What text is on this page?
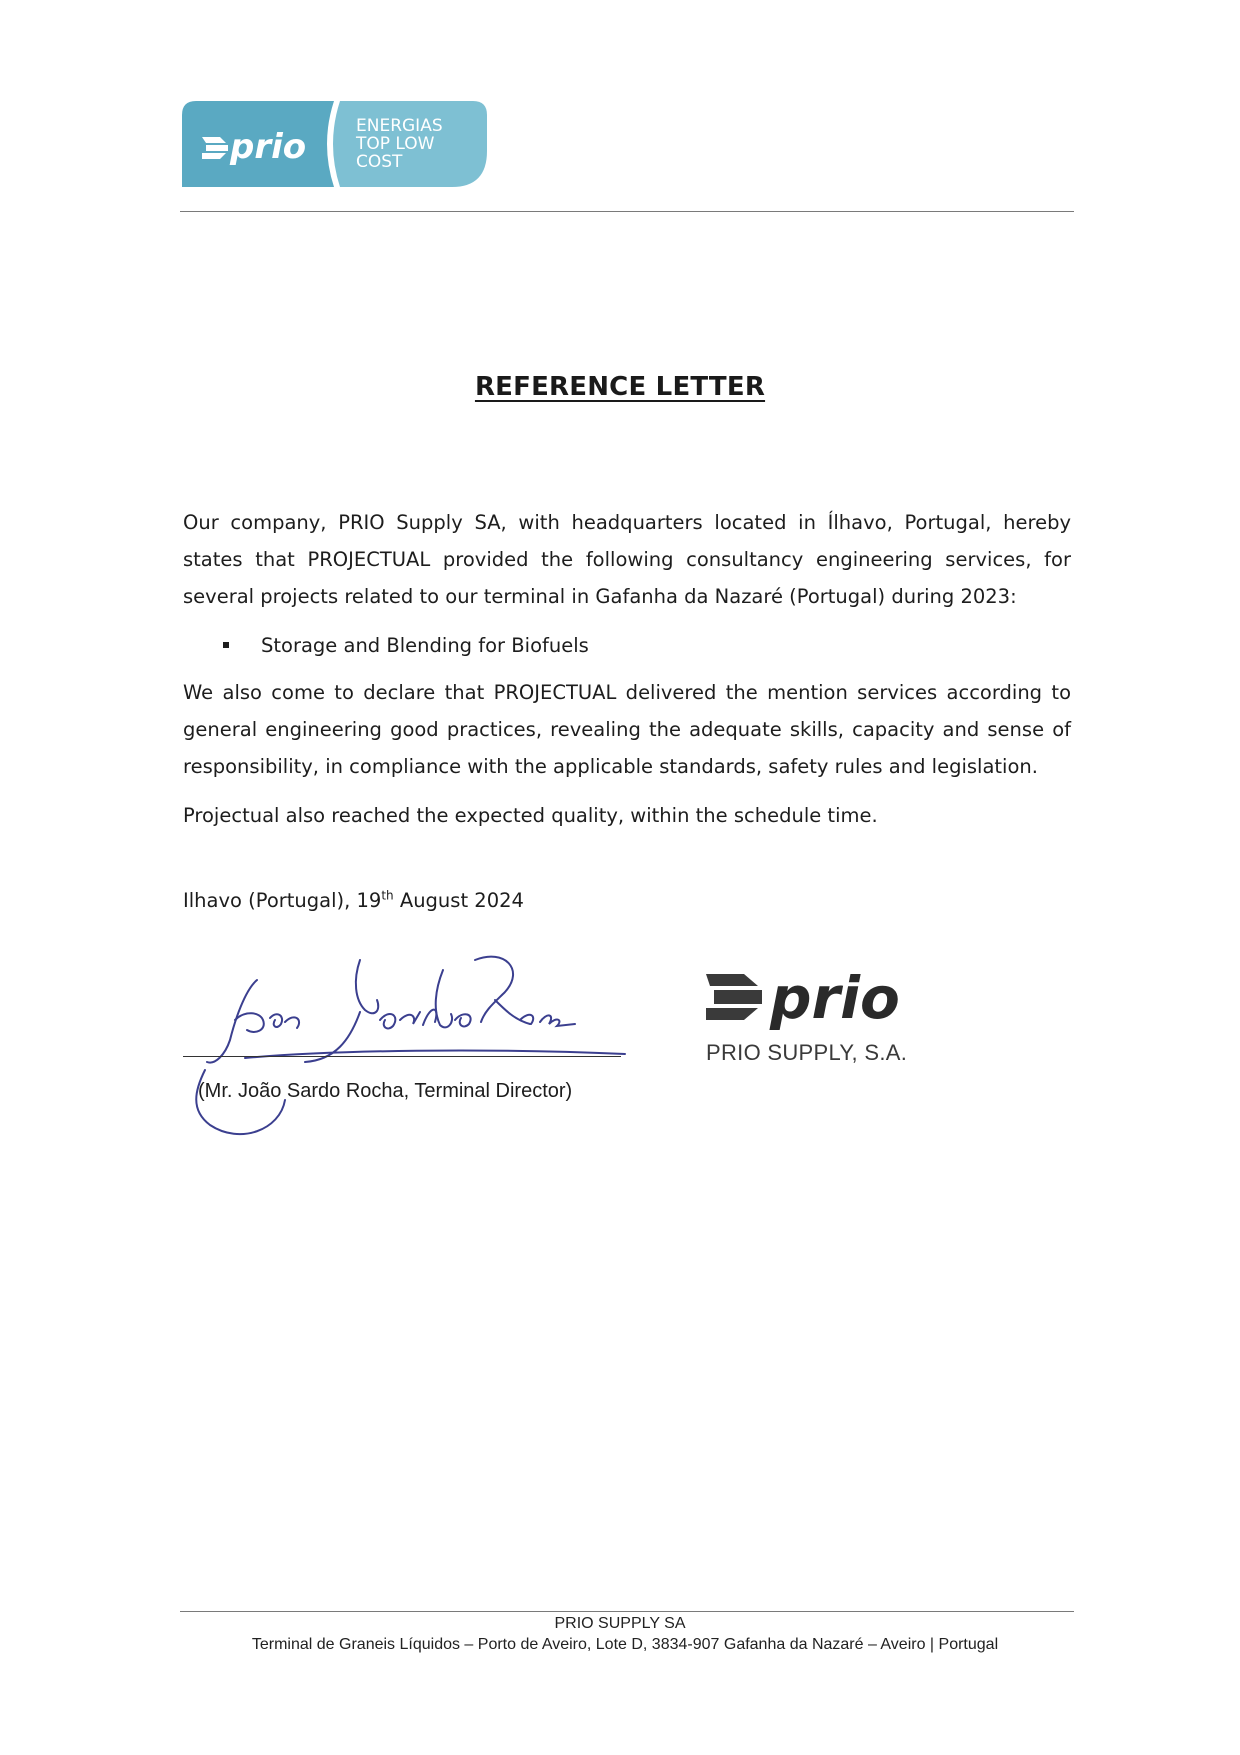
prio
ENERGIAS
TOP LOW
COST
REFERENCE LETTER
Our company, PRIO Supply SA, with headquarters located in Ílhavo, Portugal, hereby states that PROJECTUAL provided the following consultancy engineering services, for several projects related to our terminal in Gafanha da Nazaré (Portugal) during 2023:
Storage and Blending for Biofuels
We also come to declare that PROJECTUAL delivered the mention services according to general engineering good practices, revealing the adequate skills, capacity and sense of responsibility, in compliance with the applicable standards, safety rules and legislation.
Projectual also reached the expected quality, within the schedule time.
Ilhavo (Portugal), 19th August 2024
(Mr. João Sardo Rocha, Terminal Director)
prio
PRIO SUPPLY, S.A.
PRIO SUPPLY SA
Terminal de Graneis Líquidos – Porto de Aveiro, Lote D, 3834-907 Gafanha da Nazaré – Aveiro | Portugal
